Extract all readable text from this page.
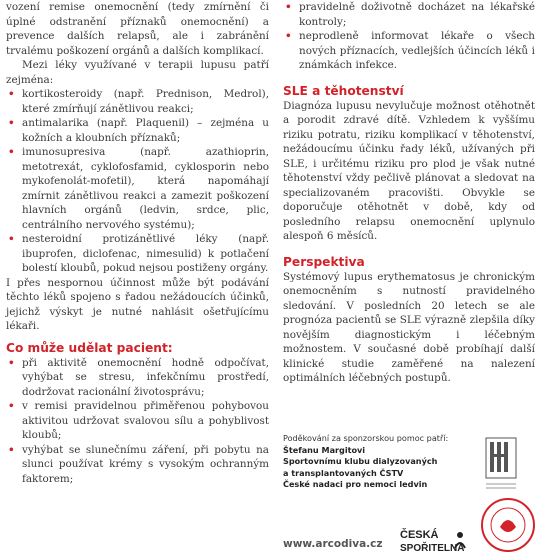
vození remise onemocnění (tedy zmírnění či úplné odstranění příznaků onemocnění) a prevence dalších relapsů, ale i zabránění trvalému poškození orgánů a dalších komplikací.

Mezi léky využívané v terapii lupusu patří zejména:

• kortikosteroidy (např. Prednison, Medrol), které zmírňují zánětlivou reakci;
• antimalarika (např. Plaquenil) – zejména u kožních a kloubních příznaků;
• imunosupresiva (např. azathioprin, metotrexát, cyklofosfamid, cyklosporin nebo mykofenolát-mofetil), která napomáhají zmírnit zánětlivou reakci a zamezit poškození hlavních orgánů (ledvin, srdce, plic, centrálního nervového systému);
• nesteroidní protizánětlivé léky (např. ibuprofen, diclofenac, nimesulid) k potlačení bolestí kloubů, pokud nejsou postiženy orgány.

I přes nespornou účinnost může být podávání těchto léků spojeno s řadou nežádoucích účinků, jejichž výskyt je nutné nahlásit ošetřujícímu lékaři.

Co může udělat pacient:
• při aktivitě onemocnění hodně odpočívat, vyhýbat se stresu, infekčnímu prostředí, dodržovat racionální životosprávu;
• v remisi pravidelnou přiměřenou pohybovou aktivitou udržovat svalovou sílu a pohyblivost kloubů;
• vyhýbat se slunečnímu záření, při pobytu na slunci používat krémy s vysokým ochranným faktorem;
• pravidelně doživotně docházet na lékařské kontroly;
• neprodleně informovat lékaře o všech nových příznacích, vedlejších účincích léků i známkách infekce.
SLE a těhotenství

Diagnóza lupusu nevylučuje možnost otěhotnět a porodit zdravé dítě. Vzhledem k vyššímu riziku potratu, riziku komplikací v těhotenství, nežádoucímu účinku řady léků, užívaných při SLE, i určitému riziku pro plod je však nutné těhotenství vždy pečlivě plánovat a sledovat na specializovaném pracovišti. Obvykle se doporučuje otěhotnět v době, kdy od posledního relapsu onemocnění uplynulo alespoň 6 měsíců.

Perspektiva

Systémový lupus erythematosus je chronickým onemocněním s nutností pravidelného sledování. V posledních 20 letech se ale prognóza pacientů se SLE výrazně zlepšila díky novějším diagnostickým i léčebným možnostem. V současné době probíhají další klinické studie zaměřené na nalezení optimálních léčebných postupů.

Poděkování za sponzorskou pomoc patří:
Štefanu Margitovi
Sportovnímu klubu dialyzovaných
a transplantovaných ČSTV
České nadaci pro nemoci ledvin
www.arcodiva.cz
ČESKÁ
SPOŘITELNA
